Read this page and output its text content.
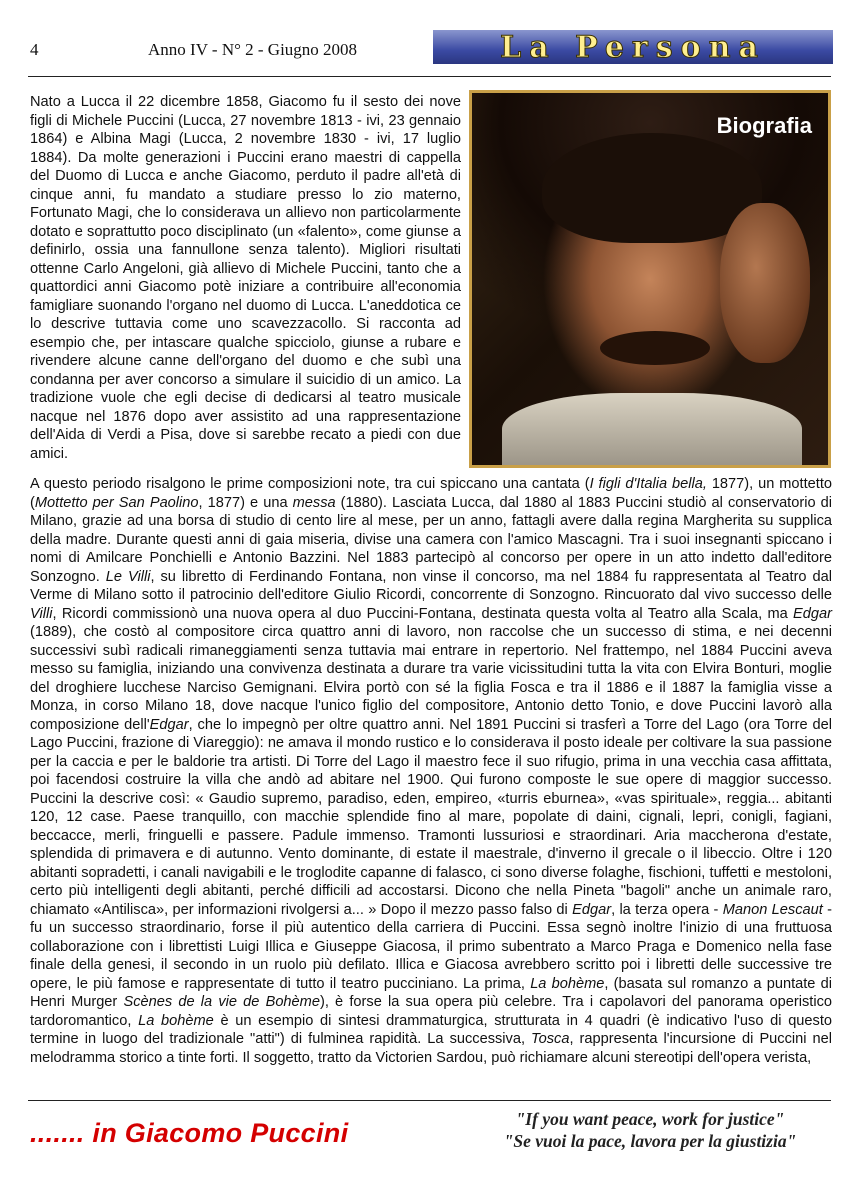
4	Anno IV - N° 2 - Giugno 2008	La Persona

Nato a Lucca il 22 dicembre 1858, Giacomo fu il sesto dei nove figli di Michele Puccini (Lucca, 27 novembre 1813 - ivi, 23 gennaio 1864) e Albina Magi (Lucca, 2 novembre 1830 - ivi, 17 luglio 1884). Da molte generazioni i Puccini erano maestri di cappella del Duomo di Lucca e anche Giacomo, perduto il padre all'età di cinque anni, fu mandato a studiare presso lo zio materno, Fortunato Magi, che lo considerava un allievo non particolarmente dotato e soprattutto poco disciplinato (un «falento», come giunse a definirlo, ossia una fannullone senza talento). Migliori risultati ottenne Carlo Angeloni, già allievo di Michele Puccini, tanto che a quattordici anni Giacomo potè iniziare a contribuire all'economia famigliare suonando l'organo nel duomo di Lucca. L'aneddotica ce lo descrive tuttavia come uno scavezzacollo. Si racconta ad esempio che, per intascare qualche spicciolo, giunse a rubare e rivendere alcune canne dell'organo del duomo e che subì una condanna per aver concorso a simulare il suicidio di un amico. La tradizione vuole che egli decise di dedicarsi al teatro musicale nacque nel 1876 dopo aver assistito ad una rappresentazione dell'Aida di Verdi a Pisa, dove si sarebbe recato a piedi con due amici.

Biografia

A questo periodo risalgono le prime composizioni note, tra cui spiccano una cantata (I figli d'Italia bella, 1877), un mottetto (Mottetto per San Paolino, 1877) e una messa (1880). Lasciata Lucca, dal 1880 al 1883 Puccini studiò al conservatorio di Milano, grazie ad una borsa di studio di cento lire al mese, per un anno, fattagli avere dalla regina Margherita su supplica della madre. Durante questi anni di gaia miseria, divise una camera con l'amico Mascagni. Tra i suoi insegnanti spiccano i nomi di Amilcare Ponchielli e Antonio Bazzini. Nel 1883 partecipò al concorso per opere in un atto indetto dall'editore Sonzogno. Le Villi, su libretto di Ferdinando Fontana, non vinse il concorso, ma nel 1884 fu rappresentata al Teatro dal Verme di Milano sotto il patrocinio dell'editore Giulio Ricordi, concorrente di Sonzogno. Rincuorato dal vivo successo delle Villi, Ricordi commissionò una nuova opera al duo Puccini-Fontana, destinata questa volta al Teatro alla Scala, ma Edgar (1889), che costò al compositore circa quattro anni di lavoro, non raccolse che un successo di stima, e nei decenni successivi subì radicali rimaneggiamenti senza tuttavia mai entrare in repertorio. Nel frattempo, nel 1884 Puccini aveva messo su famiglia, iniziando una convivenza destinata a durare tra varie vicissitudini tutta la vita con Elvira Bonturi, moglie del droghiere lucchese Narciso Gemignani. Elvira portò con sé la figlia Fosca e tra il 1886 e il 1887 la famiglia visse a Monza, in corso Milano 18, dove nacque l'unico figlio del compositore, Antonio detto Tonio, e dove Puccini lavorò alla composizione dell'Edgar, che lo impegnò per oltre quattro anni. Nel 1891 Puccini si trasferì a Torre del Lago (ora Torre del Lago Puccini, frazione di Viareggio): ne amava il mondo rustico e lo considerava il posto ideale per coltivare la sua passione per la caccia e per le baldorie tra artisti. Di Torre del Lago il maestro fece il suo rifugio, prima in una vecchia casa affittata, poi facendosi costruire la villa che andò ad abitare nel 1900. Qui furono composte le sue opere di maggior successo. Puccini la descrive così: « Gaudio supremo, paradiso, eden, empireo, «turris eburnea», «vas spirituale», reggia... abitanti 120, 12 case. Paese tranquillo, con macchie splendide fino al mare, popolate di daini, cignali, lepri, conigli, fagiani, beccacce, merli, fringuelli e passere. Padule immenso. Tramonti lussuriosi e straordinari. Aria maccherona d'estate, splendida di primavera e di autunno. Vento dominante, di estate il maestrale, d'inverno il grecale o il libeccio. Oltre i 120 abitanti sopradetti, i canali navigabili e le troglodite capanne di falasco, ci sono diverse folaghe, fischioni, tuffetti e mestoloni, certo più intelligenti degli abitanti, perché difficili ad accostarsi. Dicono che nella Pineta "bagoli" anche un animale raro, chiamato «Antilisca», per informazioni rivolgersi a... » Dopo il mezzo passo falso di Edgar, la terza opera - Manon Lescaut - fu un successo straordinario, forse il più autentico della carriera di Puccini. Essa segnò inoltre l'inizio di una fruttuosa collaborazione con i librettisti Luigi Illica e Giuseppe Giacosa, il primo subentrato a Marco Praga e Domenico nella fase finale della genesi, il secondo in un ruolo più defilato. Illica e Giacosa avrebbero scritto poi i libretti delle successive tre opere, le più famose e rappresentate di tutto il teatro pucciniano. La prima, La bohème, (basata sul romanzo a puntate di Henri Murger Scènes de la vie de Bohème), è forse la sua opera più celebre. Tra i capolavori del panorama operistico tardoromantico, La bohème è un esempio di sintesi drammaturgica, strutturata in 4 quadri (è indicativo l'uso di questo termine in luogo del tradizionale "atti") di fulminea rapidità. La successiva, Tosca, rappresenta l'incursione di Puccini nel melodramma storico a tinte forti. Il soggetto, tratto da Victorien Sardou, può richiamare alcuni stereotipi dell'opera verista,

....... in Giacomo Puccini	"If you want peace, work for justice"
"Se vuoi la pace, lavora per la giustizia"
